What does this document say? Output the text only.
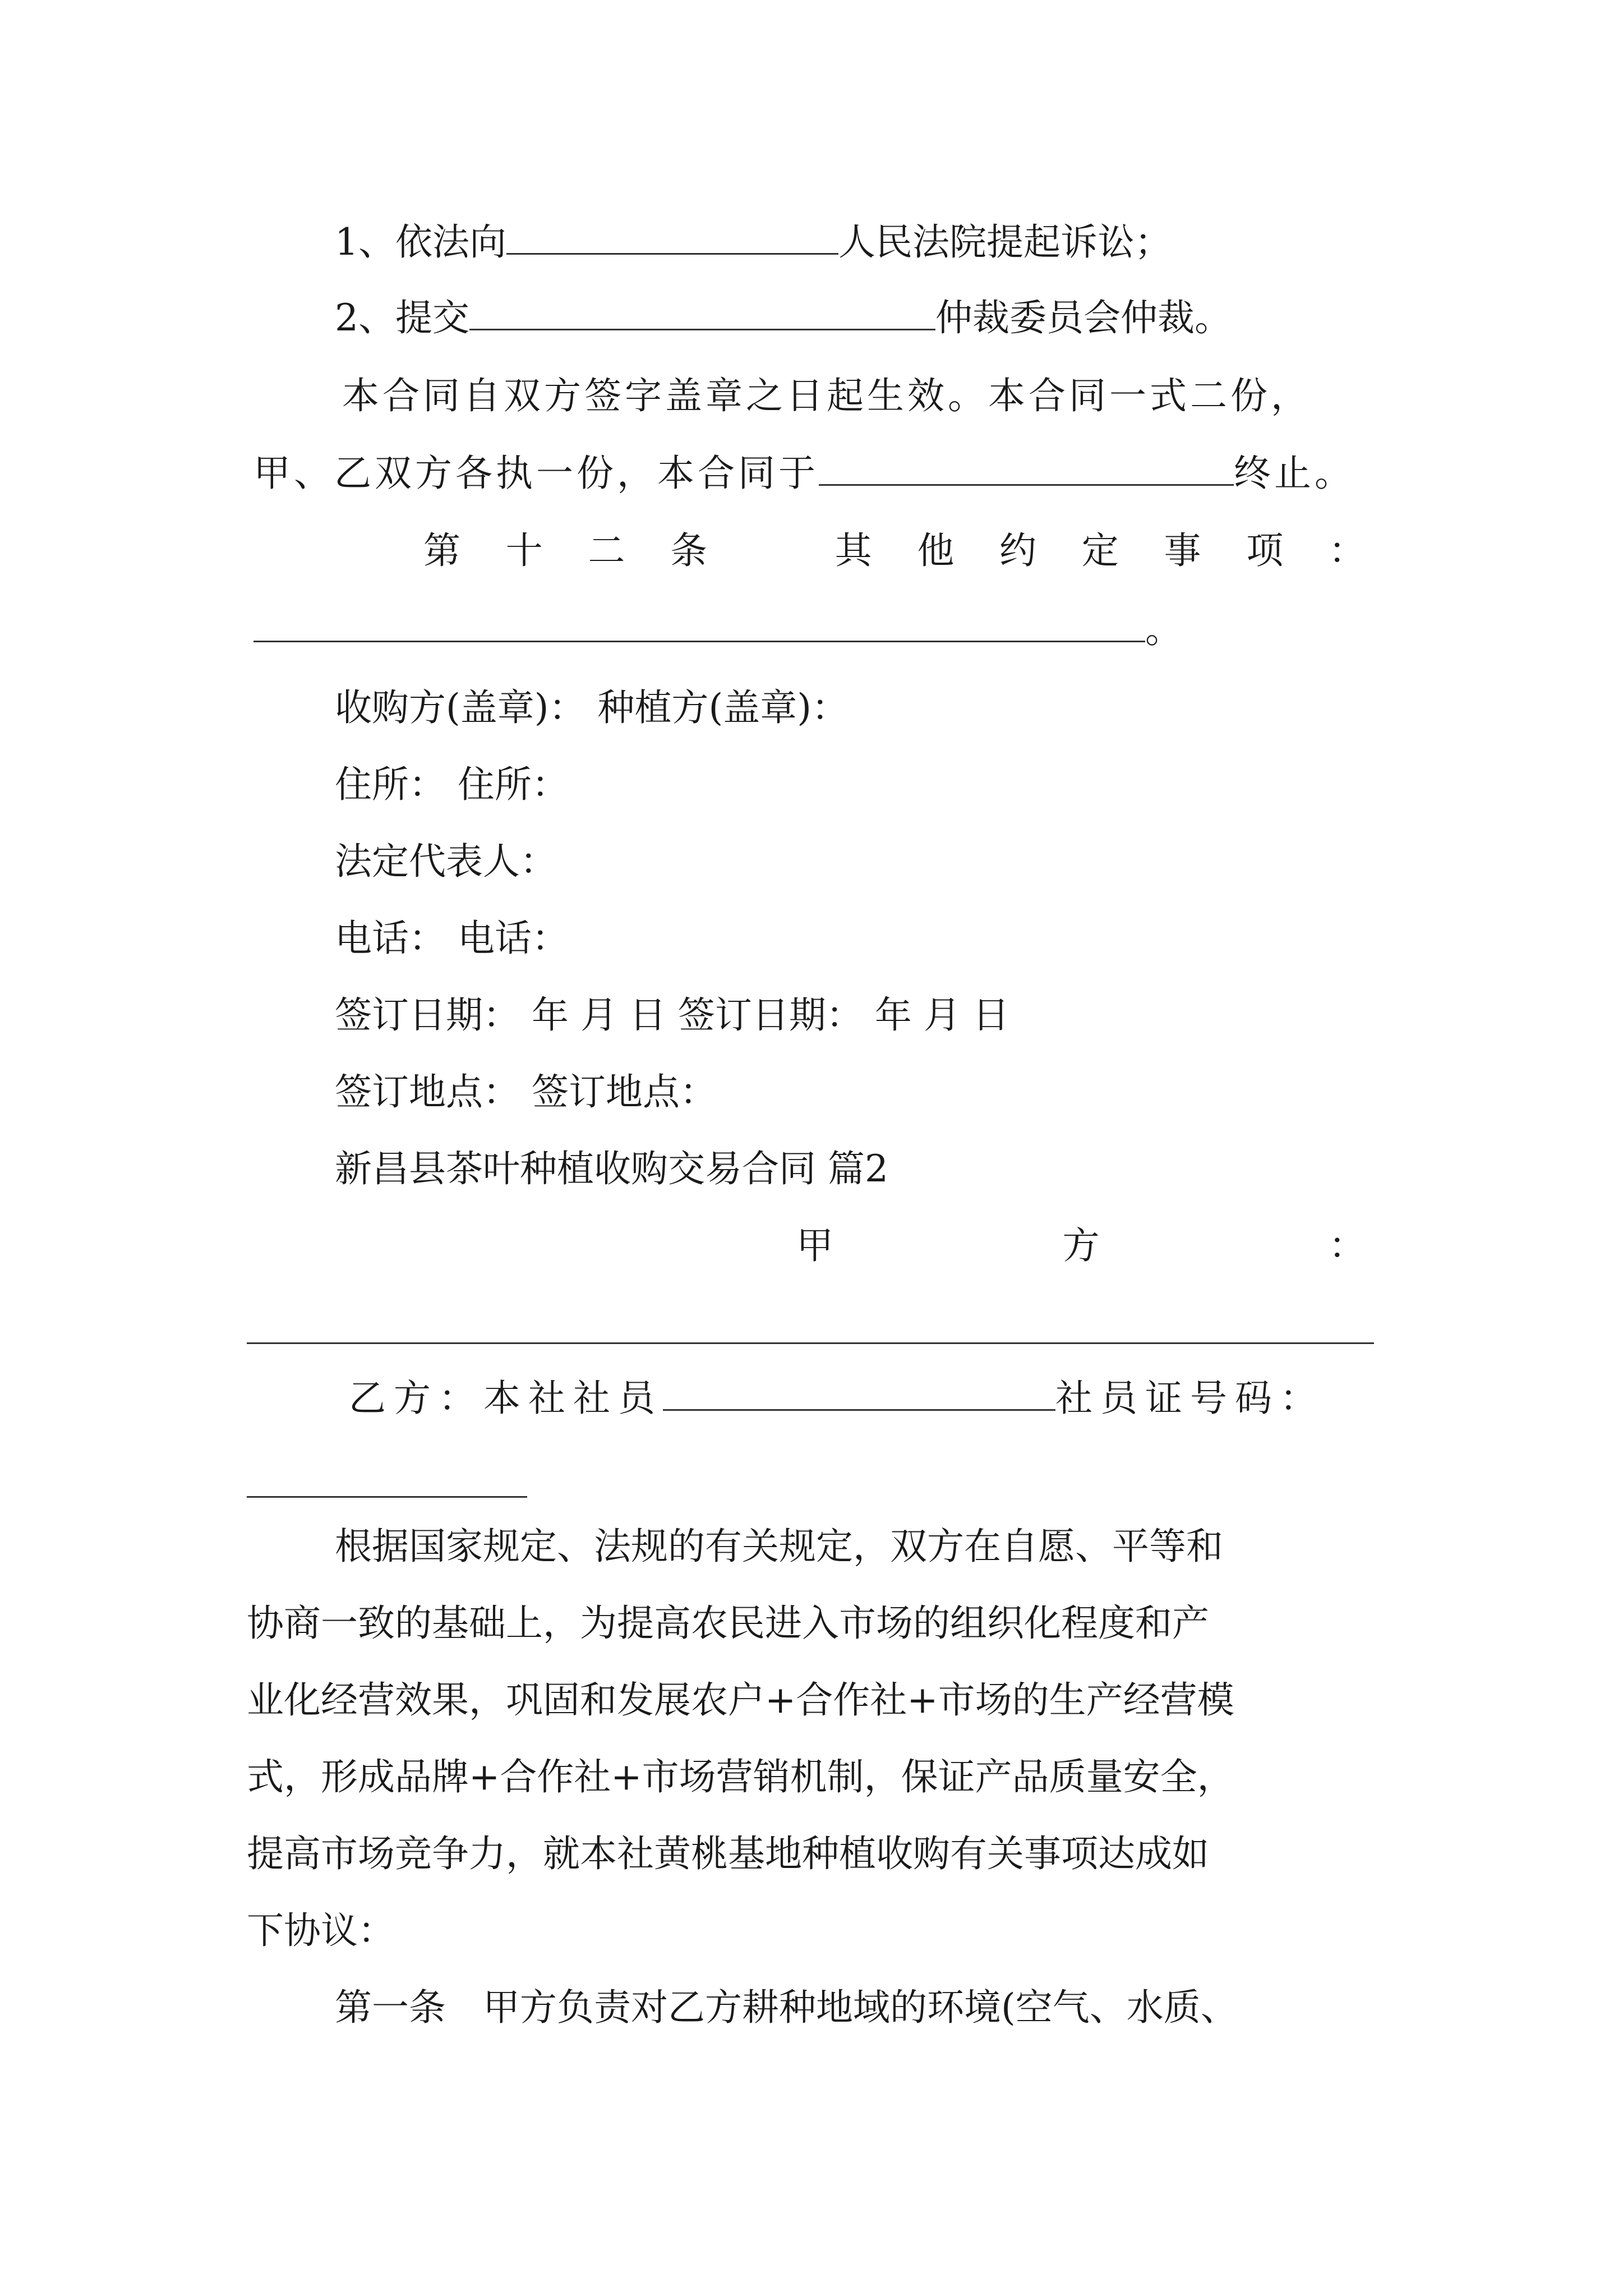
1、依法向	人民法院提起诉讼；
2、提交	仲裁委员会仲裁。
本合同自双方签字盖章之日起生效。本合同一式二份，
甲、乙双方各执一份，本合同于	终止。
第 十 二 条	其 他 约 定 事 项 ：
。
收购方(盖章)： 种植方(盖章)：
住所： 住所：
法定代表人：
电话： 电话：
签订日期： 年 月 日 签订日期： 年 月 日
签订地点： 签订地点：
新昌县茶叶种植收购交易合同 篇2
甲	方	：
乙方：本社社员	社员证号码：
根据国家规定、法规的有关规定，双方在自愿、平等和
协商一致的基础上，为提高农民进入市场的组织化程度和产
业化经营效果，巩固和发展农户+合作社+市场的生产经营模
式，形成品牌+合作社+市场营销机制，保证产品质量安全，
提高市场竞争力，就本社黄桃基地种植收购有关事项达成如
下协议：
第一条　甲方负责对乙方耕种地域的环境(空气、水质、
